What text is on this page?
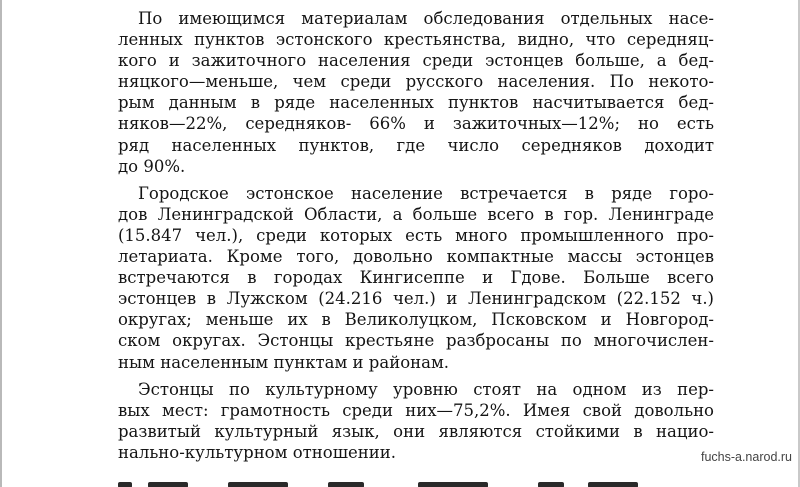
По имеющимся материалам обследования отдельных насе-
ленных пунктов эстонского крестьянства, видно, что середняц-
кого и зажиточного населения среди эстонцев больше, а бед-
няцкого—меньше, чем среди русского населения. По некото-
рым данным в ряде населенных пунктов насчитывается бед-
няков—22%, середняков- 66% и зажиточных—12%; но есть
ряд населенных пунктов, где число середняков доходит
до 90%.
Городское эстонское население встречается в ряде горо-
дов Ленинградской Области, а больше всего в гор. Ленинграде
(15.847 чел.), среди которых есть много промышленного про-
летариата. Кроме того, довольно компактные массы эстонцев
встречаются в городах Кингисеппе и Гдове. Больше всего
эстонцев в Лужском (24.216 чел.) и Ленинградском (22.152 ч.)
округах; меньше их в Великолуцком, Псковском и Новгород-
ском округах. Эстонцы крестьяне разбросаны по многочислен-
ным населенным пунктам и районам.
Эстонцы по культурному уровню стоят на одном из пер-
вых мест: грамотность среди них—75,2%. Имея свой довольно
развитый культурный язык, они являются стойкими в нацио-
нально-культурном отношении.	fuchs-a.narod.ru
